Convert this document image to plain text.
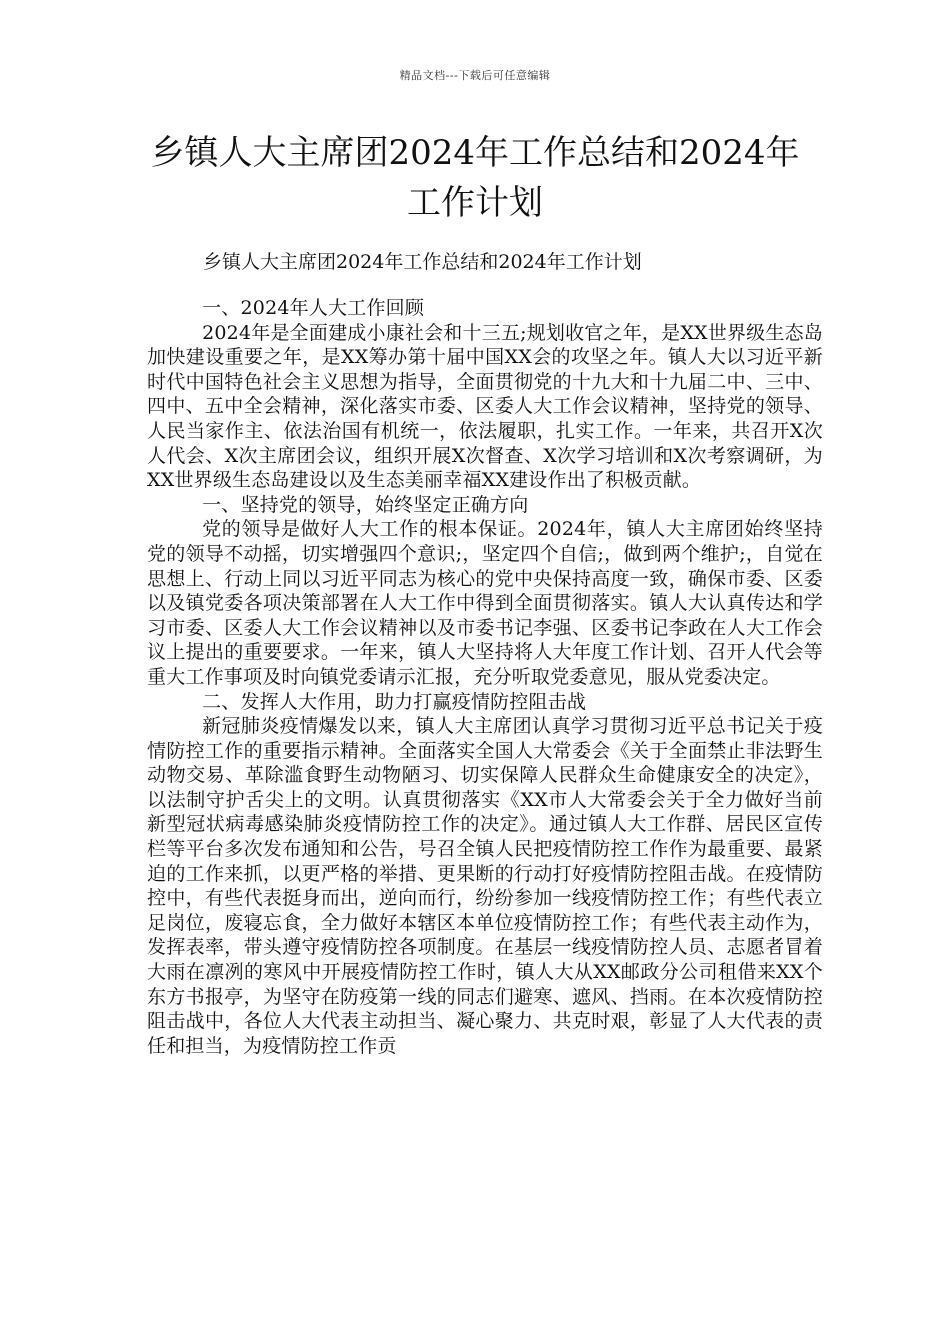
精品文档---下载后可任意编辑
乡镇人大主席团2024年工作总结和2024年
工作计划

乡镇人大主席团2024年工作总结和2024年工作计划

一、2024年人大工作回顾

2024年是全面建成小康社会和十三五;规划收官之年，是XX世界级生态岛加快建设重要之年，是XX筹办第十届中国XX会的攻坚之年。镇人大以习近平新时代中国特色社会主义思想为指导，全面贯彻党的十九大和十九届二中、三中、四中、五中全会精神，深化落实市委、区委人大工作会议精神，坚持党的领导、人民当家作主、依法治国有机统一，依法履职，扎实工作。一年来，共召开X次人代会、X次主席团会议，组织开展X次督查、X次学习培训和X次考察调研，为XX世界级生态岛建设以及生态美丽幸福XX建设作出了积极贡献。

一、坚持党的领导，始终坚定正确方向

党的领导是做好人大工作的根本保证。2024年，镇人大主席团始终坚持党的领导不动摇，切实增强四个意识;，坚定四个自信;，做到两个维护;，自觉在思想上、行动上同以习近平同志为核心的党中央保持高度一致，确保市委、区委以及镇党委各项决策部署在人大工作中得到全面贯彻落实。镇人大认真传达和学习市委、区委人大工作会议精神以及市委书记李强、区委书记李政在人大工作会议上提出的重要要求。一年来，镇人大坚持将人大年度工作计划、召开人代会等重大工作事项及时向镇党委请示汇报，充分听取党委意见，服从党委决定。

二、发挥人大作用，助力打赢疫情防控阻击战

新冠肺炎疫情爆发以来，镇人大主席团认真学习贯彻习近平总书记关于疫情防控工作的重要指示精神。全面落实全国人大常委会《关于全面禁止非法野生动物交易、革除滥食野生动物陋习、切实保障人民群众生命健康安全的决定》，以法制守护舌尖上的文明。认真贯彻落实《XX市人大常委会关于全力做好当前新型冠状病毒感染肺炎疫情防控工作的决定》。通过镇人大工作群、居民区宣传栏等平台多次发布通知和公告，号召全镇人民把疫情防控工作作为最重要、最紧迫的工作来抓，以更严格的举措、更果断的行动打好疫情防控阻击战。在疫情防控中，有些代表挺身而出，逆向而行，纷纷参加一线疫情防控工作；有些代表立足岗位，废寝忘食，全力做好本辖区本单位疫情防控工作；有些代表主动作为，发挥表率，带头遵守疫情防控各项制度。在基层一线疫情防控人员、志愿者冒着大雨在凛冽的寒风中开展疫情防控工作时，镇人大从XX邮政分公司租借来XX个东方书报亭，为坚守在防疫第一线的同志们避寒、遮风、挡雨。在本次疫情防控阻击战中，各位人大代表主动担当、凝心聚力、共克时艰，彰显了人大代表的责任和担当，为疫情防控工作贡
